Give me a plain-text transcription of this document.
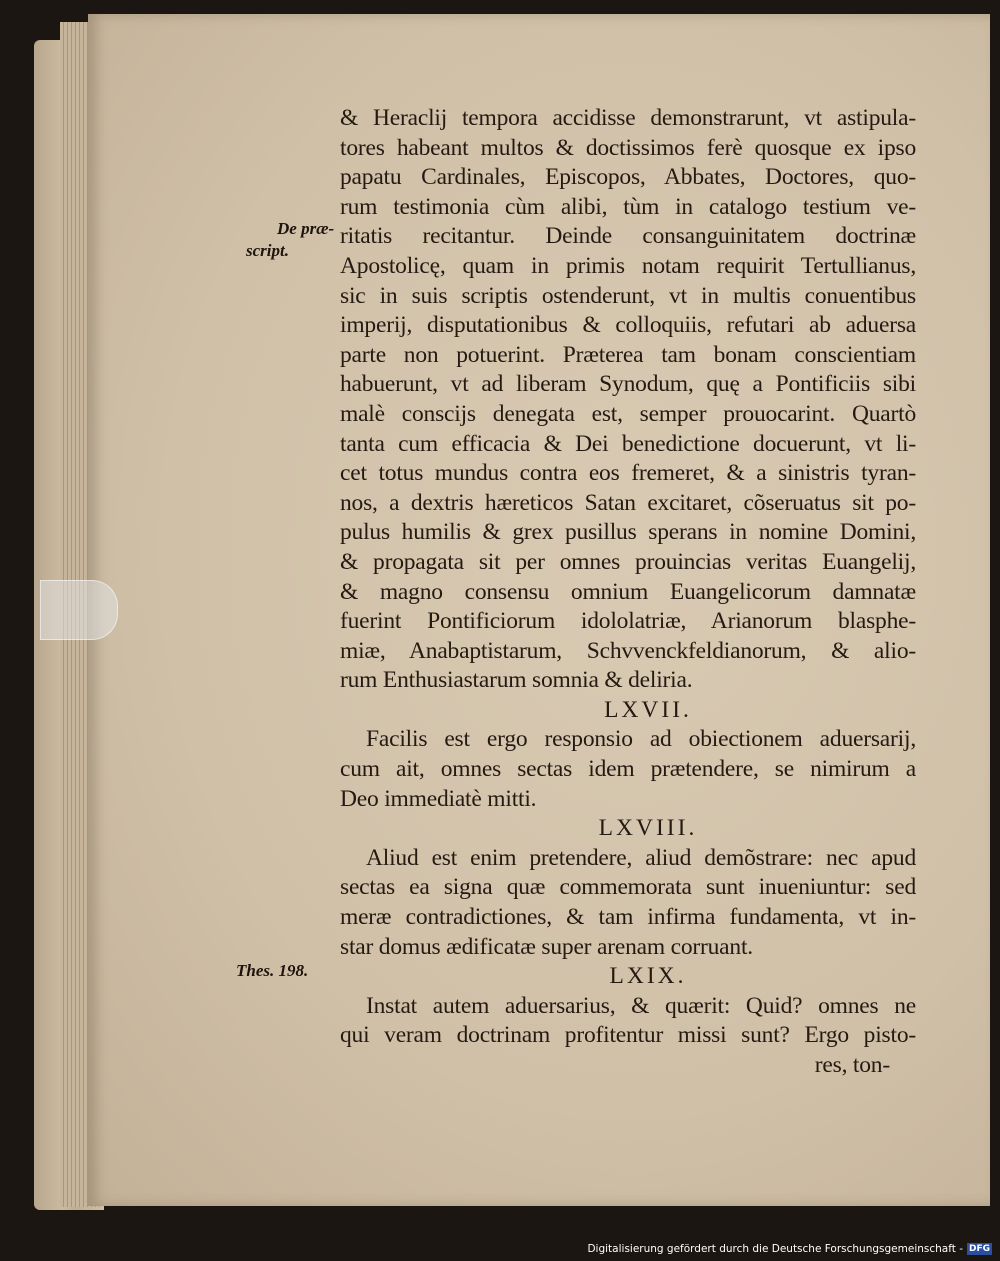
De præ-
script.
Thes. 198.
& Heraclij tempora accidisse demonstrarunt, vt astipula-
tores habeant multos & doctissimos ferè quosque ex ipso
papatu Cardinales, Episcopos, Abbates, Doctores, quo-
rum testimonia cùm alibi, tùm in catalogo testium ve-
ritatis recitantur. Deinde consanguinitatem doctrinæ
Apostolicę, quam in primis notam requirit Tertullianus,
sic in suis scriptis ostenderunt, vt in multis conuentibus
imperij, disputationibus & colloquiis, refutari ab aduersa
parte non potuerint. Præterea tam bonam conscientiam
habuerunt, vt ad liberam Synodum, quę a Pontificiis sibi
malè conscijs denegata est, semper prouocarint. Quartò
tanta cum efficacia & Dei benedictione docuerunt, vt li-
cet totus mundus contra eos fremeret, & a sinistris tyran-
nos, a dextris hæreticos Satan excitaret, cõseruatus sit po-
pulus humilis & grex pusillus sperans in nomine Domini,
& propagata sit per omnes prouincias veritas Euangelij,
& magno consensu omnium Euangelicorum damnatæ
fuerint Pontificiorum idololatriæ, Arianorum blasphe-
miæ, Anabaptistarum, Schvvenckfeldianorum, & alio-
rum Enthusiastarum somnia & deliria.
LXVII.
Facilis est ergo responsio ad obiectionem aduersarij,
cum ait, omnes sectas idem prætendere, se nimirum a
Deo immediatè mitti.
LXVIII.
Aliud est enim pretendere, aliud demõstrare: nec apud
sectas ea signa quæ commemorata sunt inueniuntur: sed
meræ contradictiones, & tam infirma fundamenta, vt in-
star domus ædificatæ super arenam corruant.
LXIX.
Instat autem aduersarius, & quærit: Quid? omnes ne
qui veram doctrinam profitentur missi sunt? Ergo pisto-
res, ton-
Digitalisierung gefördert durch die Deutsche Forschungsgemeinschaft - DFG
